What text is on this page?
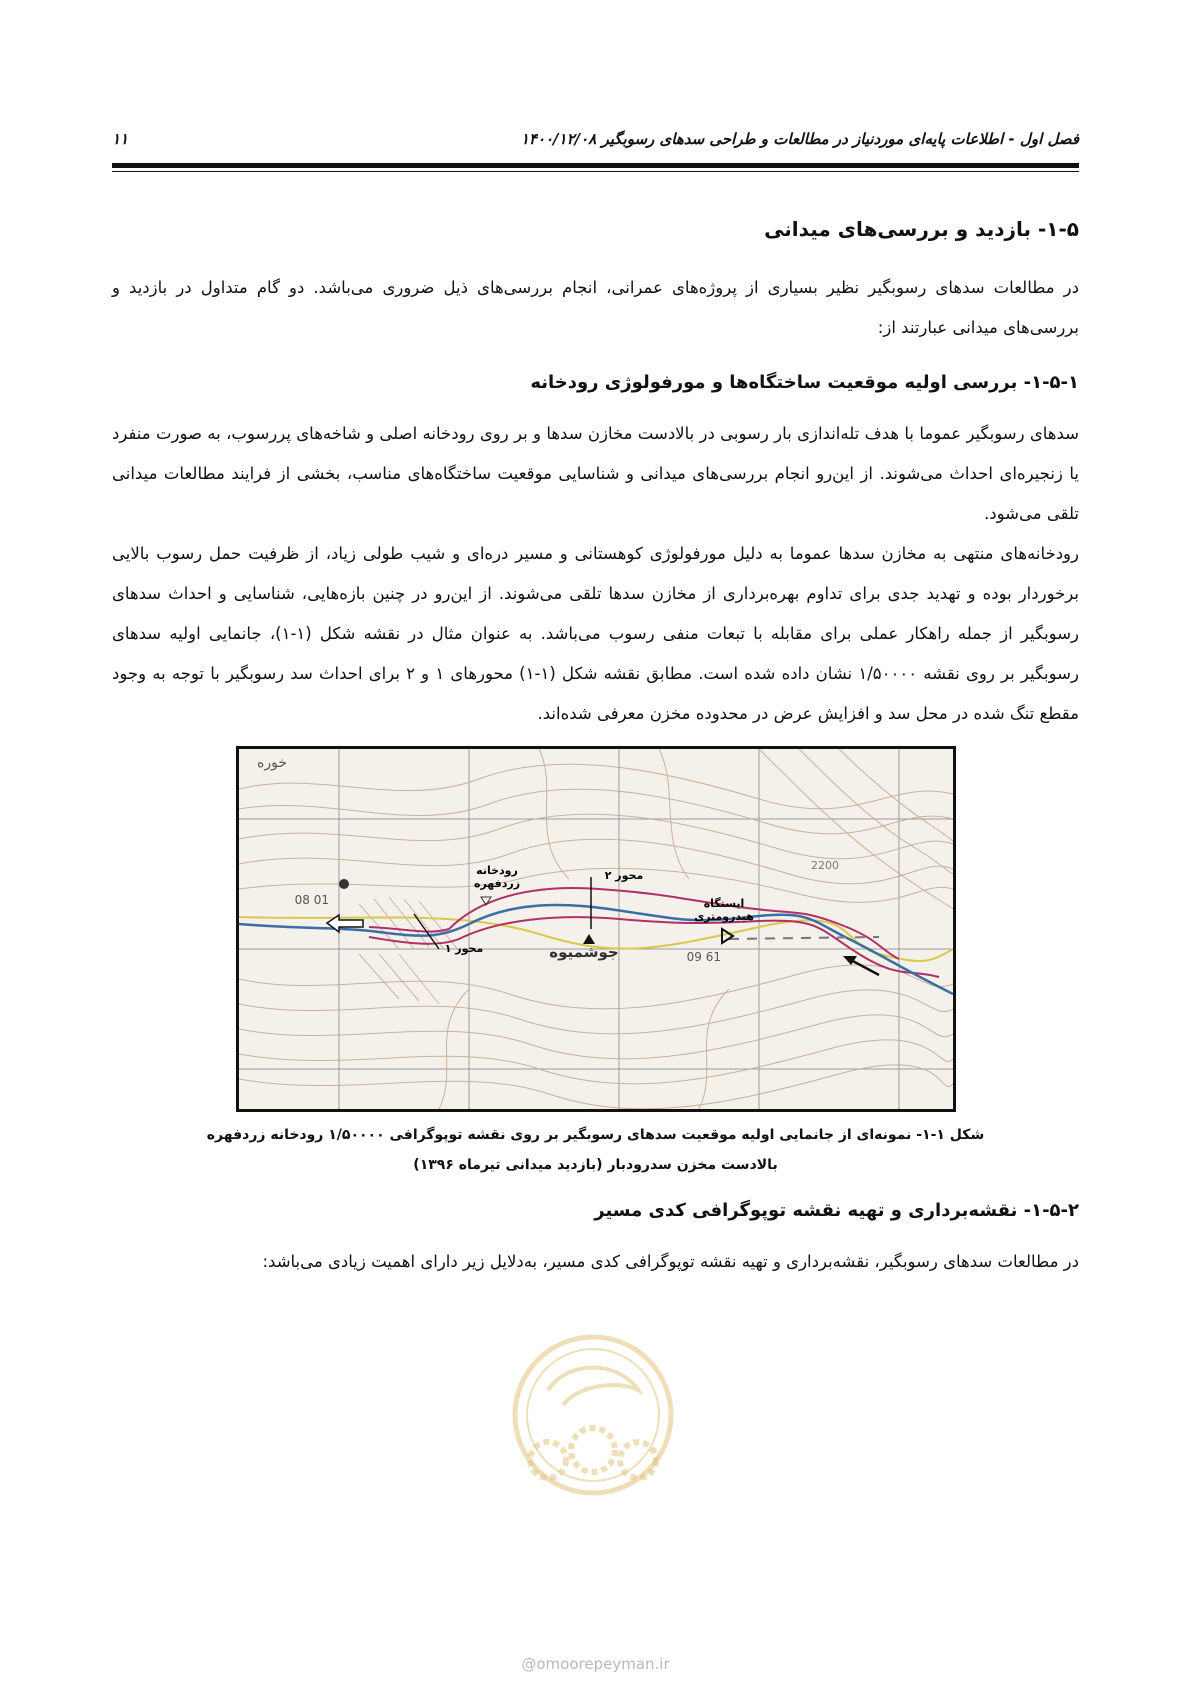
فصل اول - اطلاعات پایه‌ای موردنیاز در مطالعات و طراحی سدهای رسوبگیر ۱۴۰۰/۱۲/۰۸
۱۱
۱-۵- بازدید و بررسی‌های میدانی

در مطالعات سدهای رسوبگیر نظیر بسیاری از پروژه‌های عمرانی، انجام بررسی‌های ذیل ضروری می‌باشد. دو گام متداول در بازدید و بررسی‌های میدانی عبارتند از:

۱-۵-۱- بررسی اولیه موقعیت ساختگاه‌ها و مورفولوژی رودخانه

سدهای رسوبگیر عموما با هدف تله‌اندازی بار رسوبی در بالادست مخازن سدها و بر روی رودخانه اصلی و شاخه‌های پررسوب، به صورت منفرد یا زنجیره‌ای احداث می‌شوند. از این‌رو انجام بررسی‌های میدانی و شناسایی موقعیت ساختگاه‌های مناسب، بخشی از فرایند مطالعات میدانی تلقی می‌شود.

رودخانه‌های منتهی به مخازن سدها عموما به دلیل مورفولوژی کوهستانی و مسیر دره‌ای و شیب طولی زیاد، از ظرفیت حمل رسوب بالایی برخوردار بوده و تهدید جدی برای تداوم بهره‌برداری از مخازن سدها تلقی می‌شوند. از این‌رو در چنین بازه‌هایی، شناسایی و احداث سدهای رسوبگیر از جمله راهکار عملی برای مقابله با تبعات منفی رسوب می‌باشد. به عنوان مثال در نقشه شکل (۱-۱)، جانمایی اولیه سدهای رسوبگیر بر روی نقشه ۱/۵۰۰۰۰ نشان داده شده است. مطابق نقشه شکل (۱-۱) محورهای ۱ و ۲ برای احداث سد رسوبگیر با توجه به وجود مقطع تنگ شده در محل سد و افزایش عرض در محدوده مخزن معرفی شده‌اند.

رودخانه
زردفهره
محور ۲
محور ۱
ایستگاه
هیدرومتری
جوشمیوه
01 08
61 09
خوره
2200
شکل ۱-۱- نمونه‌ای از جانمایی اولیه موقعیت سدهای رسوبگیر بر روی نقشه توپوگرافی ۱/۵۰۰۰۰ رودخانه زردفهره
بالادست مخزن سدرودبار (بازدید میدانی تیرماه ۱۳۹۶)
۱-۵-۲- نقشه‌برداری و تهیه نقشه توپوگرافی کدی مسیر

در مطالعات سدهای رسوبگیر، نقشه‌برداری و تهیه نقشه توپوگرافی کدی مسیر، به‌دلایل زیر دارای اهمیت زیادی می‌باشد:

@omoorepeyman.ir
